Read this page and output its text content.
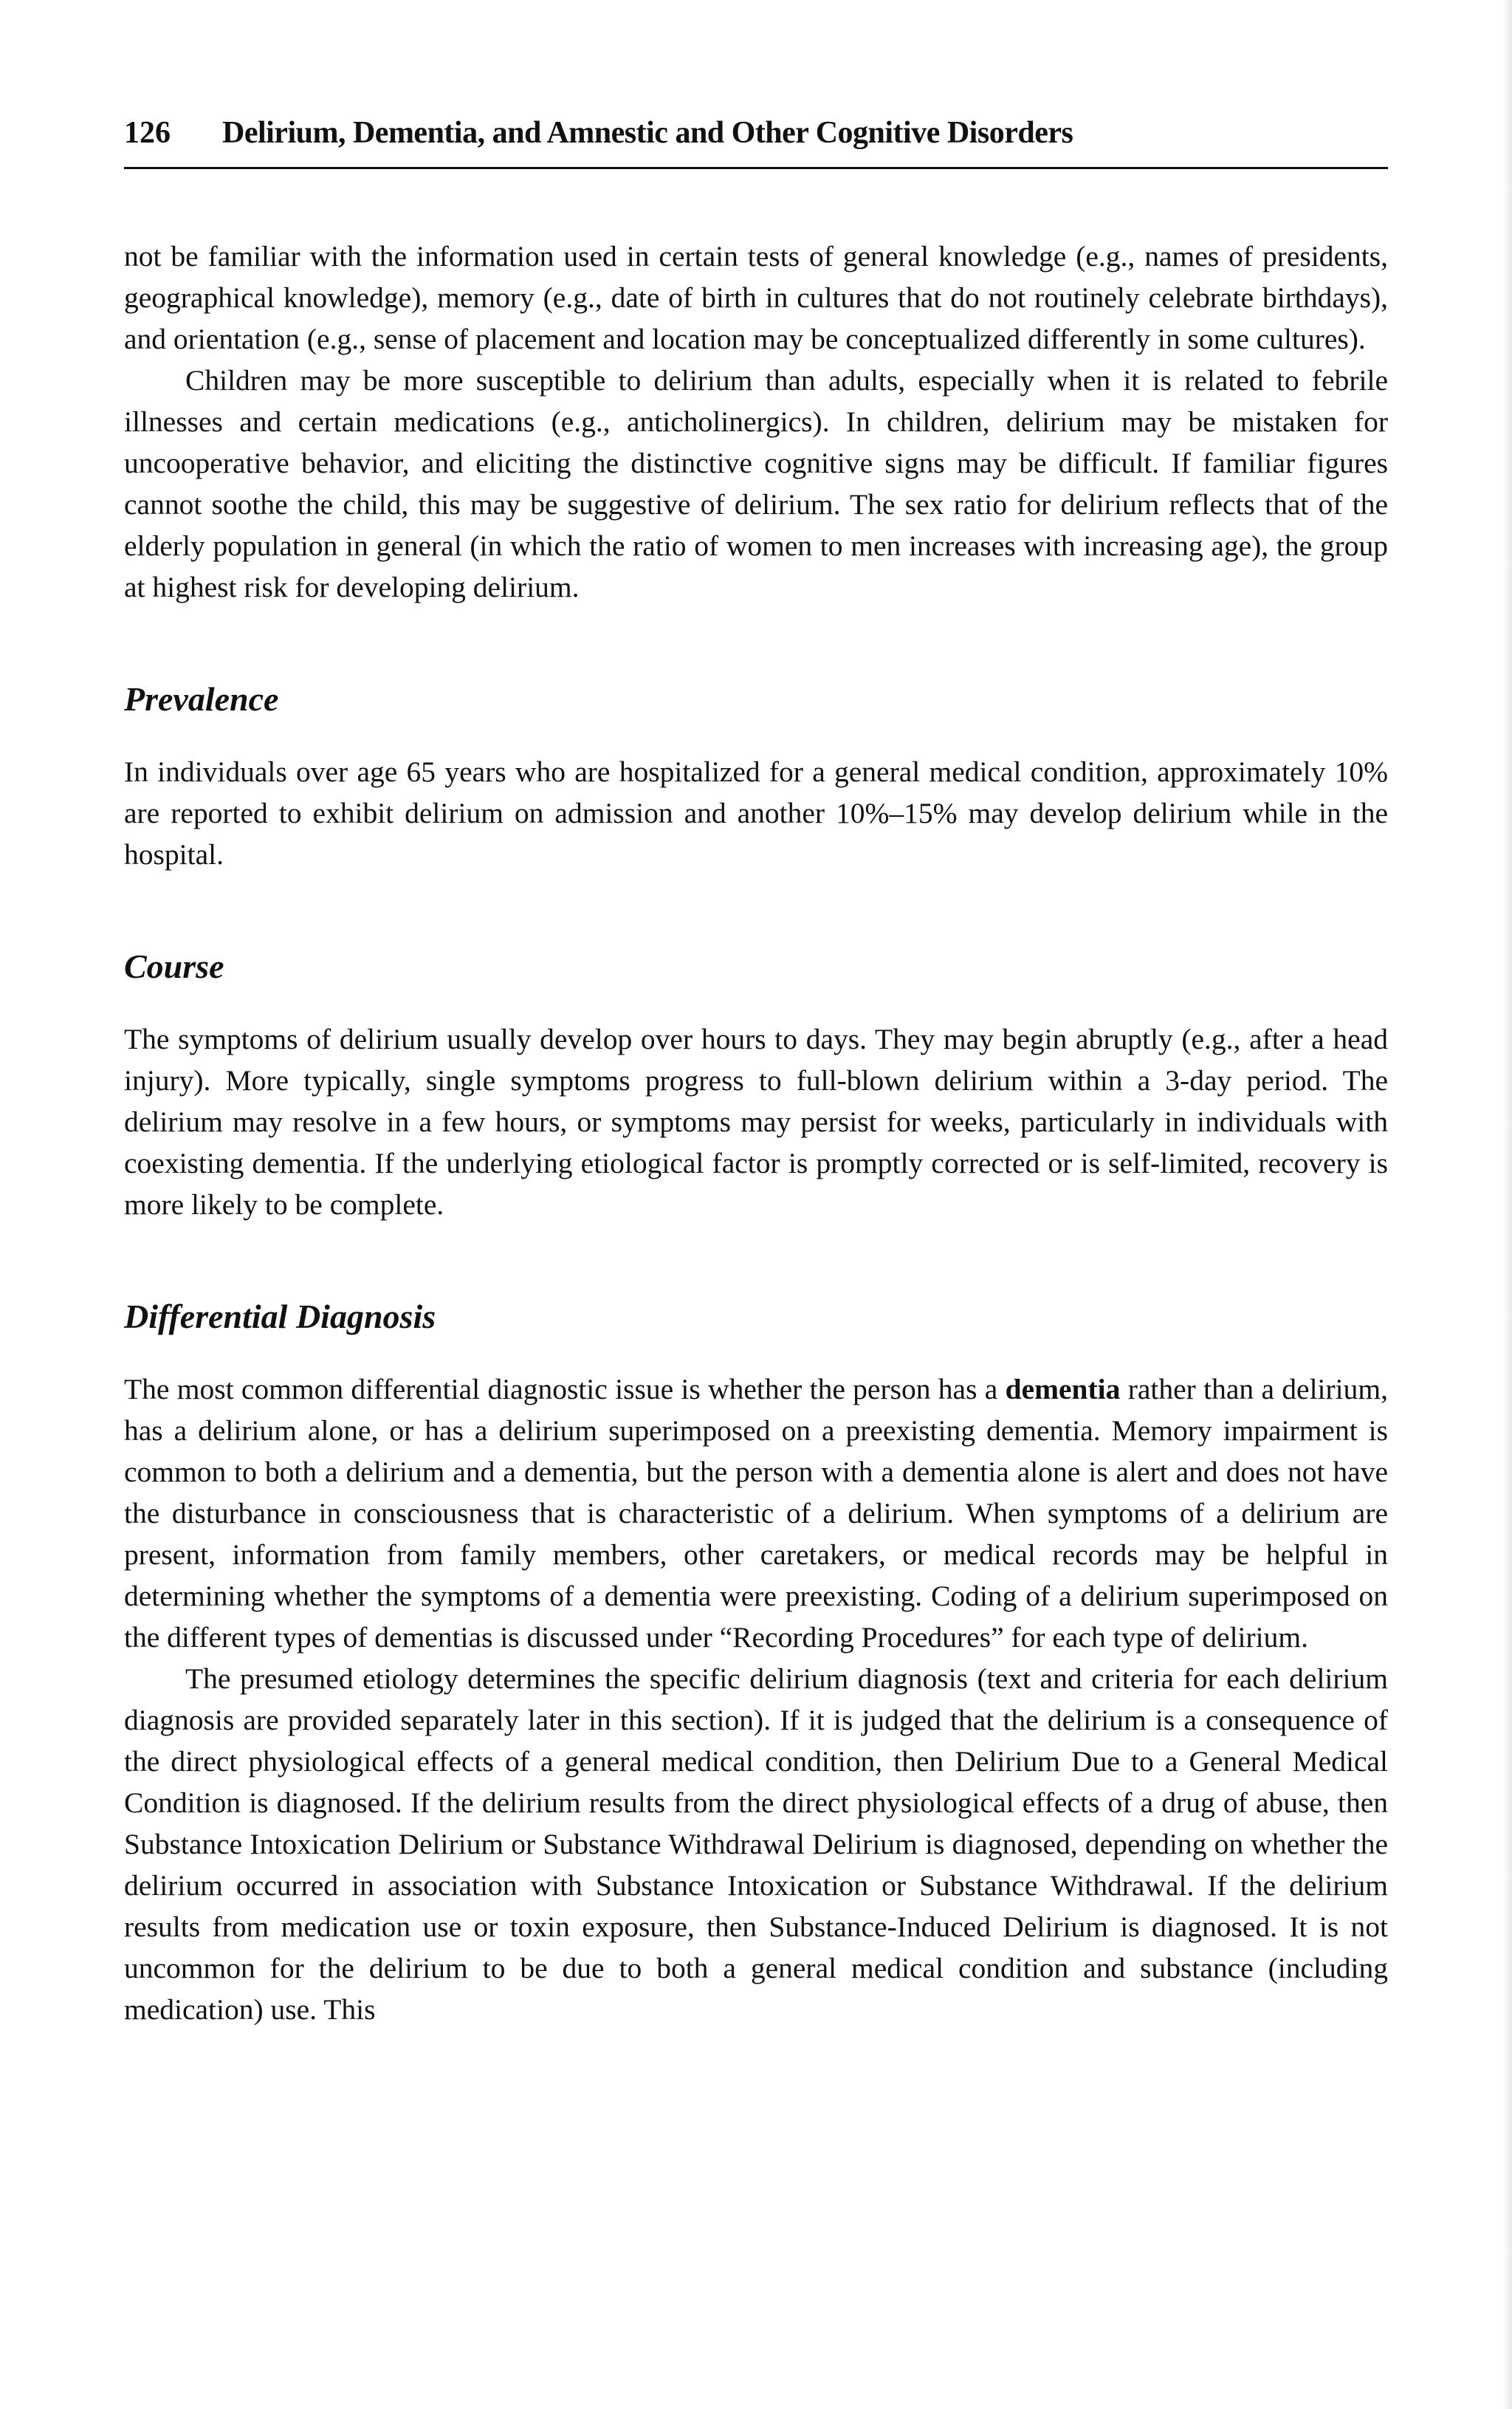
126 Delirium, Dementia, and Amnestic and Other Cognitive Disorders

not be familiar with the information used in certain tests of general knowledge (e.g., names of presidents, geographical knowledge), memory (e.g., date of birth in cultures that do not routinely celebrate birthdays), and orientation (e.g., sense of placement and location may be conceptualized differently in some cultures).

Children may be more susceptible to delirium than adults, especially when it is related to febrile illnesses and certain medications (e.g., anticholinergics). In children, delirium may be mistaken for uncooperative behavior, and eliciting the distinctive cognitive signs may be difficult. If familiar figures cannot soothe the child, this may be suggestive of delirium. The sex ratio for delirium reflects that of the elderly population in general (in which the ratio of women to men increases with increasing age), the group at highest risk for developing delirium.

Prevalence

In individuals over age 65 years who are hospitalized for a general medical condition, approximately 10% are reported to exhibit delirium on admission and another 10%–15% may develop delirium while in the hospital.

Course

The symptoms of delirium usually develop over hours to days. They may begin abruptly (e.g., after a head injury). More typically, single symptoms progress to full-blown delirium within a 3-day period. The delirium may resolve in a few hours, or symptoms may persist for weeks, particularly in individuals with coexisting dementia. If the underlying etiological factor is promptly corrected or is self-limited, recovery is more likely to be complete.

Differential Diagnosis

The most common differential diagnostic issue is whether the person has a dementia rather than a delirium, has a delirium alone, or has a delirium superimposed on a preexisting dementia. Memory impairment is common to both a delirium and a dementia, but the person with a dementia alone is alert and does not have the disturbance in consciousness that is characteristic of a delirium. When symptoms of a delirium are present, information from family members, other caretakers, or medical records may be helpful in determining whether the symptoms of a dementia were preexisting. Coding of a delirium superimposed on the different types of dementias is discussed under “Recording Procedures” for each type of delirium.

The presumed etiology determines the specific delirium diagnosis (text and criteria for each delirium diagnosis are provided separately later in this section). If it is judged that the delirium is a consequence of the direct physiological effects of a general medical condition, then Delirium Due to a General Medical Condition is diagnosed. If the delirium results from the direct physiological effects of a drug of abuse, then Substance Intoxication Delirium or Substance Withdrawal Delirium is diagnosed, depending on whether the delirium occurred in association with Substance Intoxication or Substance Withdrawal. If the delirium results from medication use or toxin exposure, then Substance-Induced Delirium is diagnosed. It is not uncommon for the delirium to be due to both a general medical condition and substance (including medication) use. This
